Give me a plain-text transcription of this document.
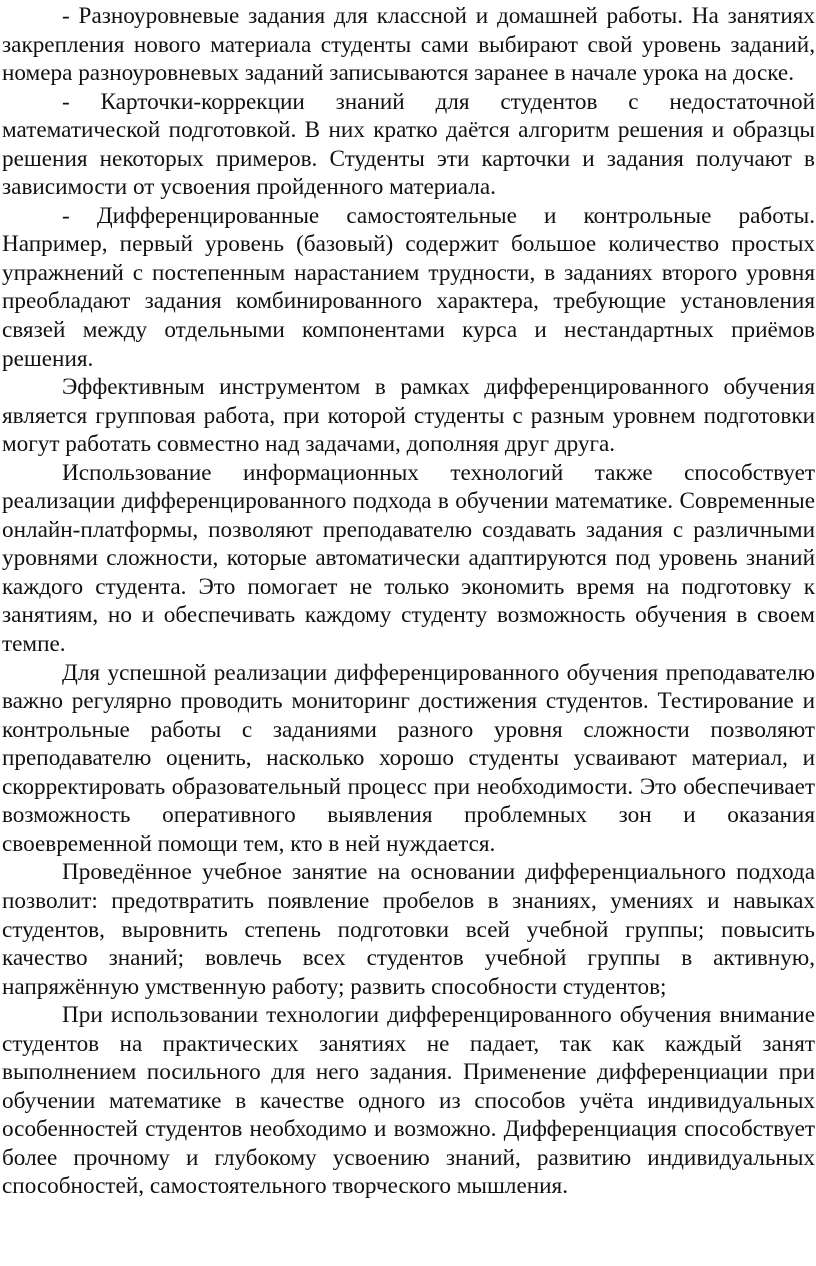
- Разноуровневые задания для классной и домашней работы. На занятиях закрепления нового материала студенты сами выбирают свой уровень заданий, номера разноуровневых заданий записываются заранее в начале урока на доске.

- Карточки-коррекции знаний для студентов с недостаточной математической подготовкой. В них кратко даётся алгоритм решения и образцы решения некоторых примеров. Студенты эти карточки и задания получают в зависимости от усвоения пройденного материала.

- Дифференцированные самостоятельные и контрольные работы. Например, первый уровень (базовый) содержит большое количество простых упражнений с постепенным нарастанием трудности, в заданиях второго уровня преобладают задания комбинированного характера, требующие установления связей между отдельными компонентами курса и нестандартных приёмов решения.

Эффективным инструментом в рамках дифференцированного обучения является групповая работа, при которой студенты с разным уровнем подготовки могут работать совместно над задачами, дополняя друг друга.

Использование информационных технологий также способствует реализации дифференцированного подхода в обучении математике. Современные онлайн-платформы, позволяют преподавателю создавать задания с различными уровнями сложности, которые автоматически адаптируются под уровень знаний каждого студента. Это помогает не только экономить время на подготовку к занятиям, но и обеспечивать каждому студенту возможность обучения в своем темпе.

Для успешной реализации дифференцированного обучения преподавателю важно регулярно проводить мониторинг достижения студентов. Тестирование и контрольные работы с заданиями разного уровня сложности позволяют преподавателю оценить, насколько хорошо студенты усваивают материал, и скорректировать образовательный процесс при необходимости. Это обеспечивает возможность оперативного выявления проблемных зон и оказания своевременной помощи тем, кто в ней нуждается.

Проведённое учебное занятие на основании дифференциального подхода позволит: предотвратить появление пробелов в знаниях, умениях и навыках студентов, выровнить степень подготовки всей учебной группы; повысить качество знаний; вовлечь всех студентов учебной группы в активную, напряжённую умственную работу; развить способности студентов;

При использовании технологии дифференцированного обучения внимание студентов на практических занятиях не падает, так как каждый занят выполнением посильного для него задания. Применение дифференциации при обучении математике в качестве одного из способов учёта индивидуальных особенностей студентов необходимо и возможно. Дифференциация способствует более прочному и глубокому усвоению знаний, развитию индивидуальных способностей, самостоятельного творческого мышления.
